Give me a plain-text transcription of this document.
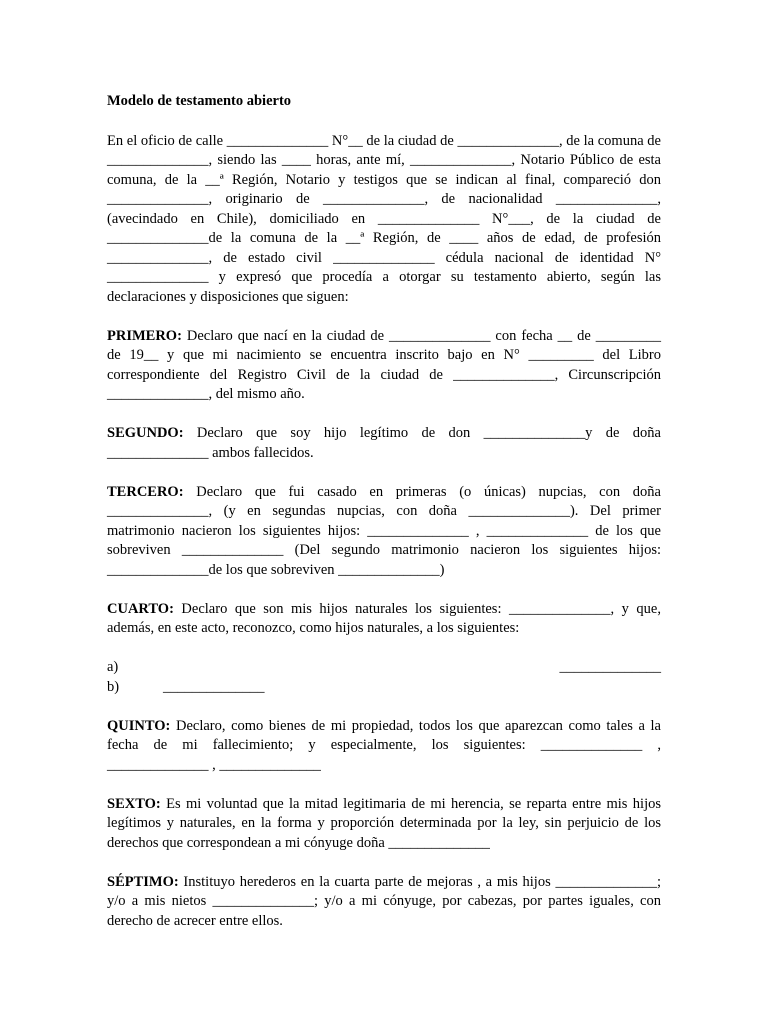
Modelo de testamento abierto

En el oficio de calle ______________ N°__ de la ciudad de ______________, de la comuna de ______________, siendo las ____ horas, ante mí, ______________, Notario Público de esta comuna, de la __ª Región, Notario y testigos que se indican al final, compareció don ______________, originario de ______________, de nacionalidad ______________, (avecindado en Chile), domiciliado en ______________ N°___, de la ciudad de ______________de la comuna de la __ª Región, de ____ años de edad, de profesión ______________, de estado civil ______________ cédula nacional de identidad N° ______________ y expresó que procedía a otorgar su testamento abierto, según las declaraciones y disposiciones que siguen:

PRIMERO: Declaro que nací en la ciudad de ______________ con fecha __ de _________ de 19__ y que mi nacimiento se encuentra inscrito bajo en N° _________ del Libro correspondiente del Registro Civil de la ciudad de ______________, Circunscripción ______________, del mismo año.

SEGUNDO: Declaro que soy hijo legítimo de don ______________y de doña ______________ ambos fallecidos.

TERCERO: Declaro que fui casado en primeras (o únicas) nupcias, con doña ______________, (y en segundas nupcias, con doña ______________). Del primer matrimonio nacieron los siguientes hijos: ______________ , ______________ de los que sobreviven ______________ (Del segundo matrimonio nacieron los siguientes hijos: ______________de los que sobreviven ______________)

CUARTO: Declaro que son mis hijos naturales los siguientes: ______________, y que, además, en este acto, reconozco, como hijos naturales, a los siguientes:

a)	______________
b)	______________

QUINTO: Declaro, como bienes de mi propiedad, todos los que aparezcan como tales a la fecha de mi fallecimiento; y especialmente, los siguientes: ______________ , ______________ , ______________

SEXTO: Es mi voluntad que la mitad legitimaria de mi herencia, se reparta entre mis hijos legítimos y naturales, en la forma y proporción determinada por la ley, sin perjuicio de los derechos que correspondean a mi cónyuge doña ______________

SÉPTIMO: Instituyo herederos en la cuarta parte de mejoras , a mis hijos ______________; y/o a mis nietos ______________; y/o a mi cónyuge, por cabezas, por partes iguales, con derecho de acrecer entre ellos.
